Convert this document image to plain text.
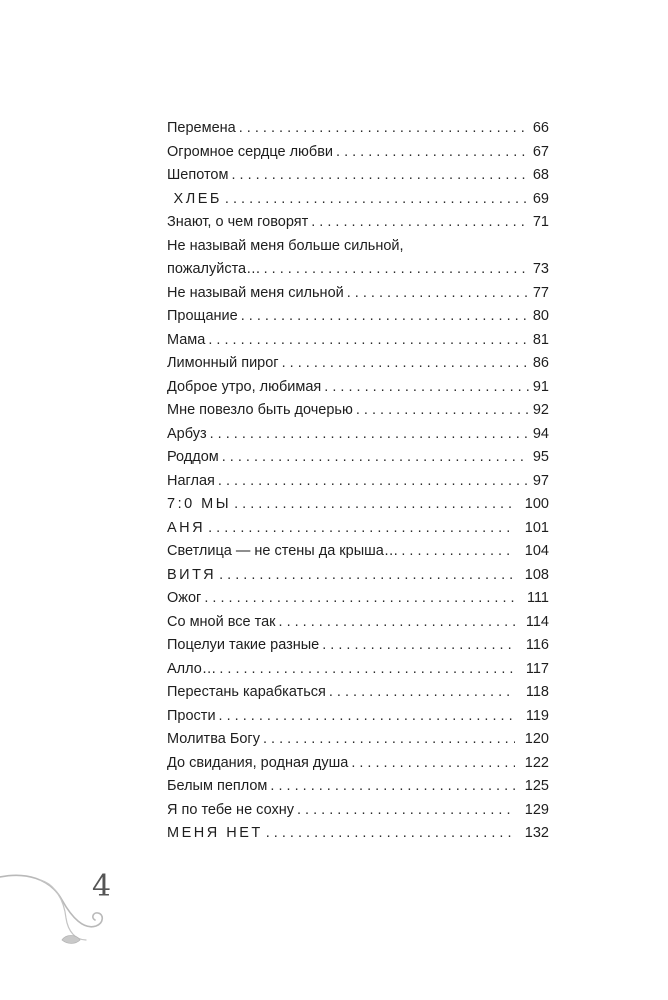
Перемена . . .	66
Огромное сердце любви . . .	67
Шепотом . . .	68
ХЛЕБ . . .	69
Знают, о чем говорят . . .	71
Не называй меня больше сильной,
пожалуйста… . . .	73
Не называй меня сильной . . .	77
Прощание . . .	80
Мама . . .	81
Лимонный пирог . . .	86
Доброе утро, любимая . . .	91
Мне повезло быть дочерью . . .	92
Арбуз . . .	94
Роддом . . .	95
Наглая . . .	97
7:0 МЫ . . .	100
АНЯ . . .	101
Светлица — не стены да крыша… . . .	104
ВИТЯ . . .	108
Ожог . . .	111
Со мной все так . . .	114
Поцелуи такие разные . . .	116
Алло… . . .	117
Перестань карабкаться . . .	118
Прости . . .	119
Молитва Богу . . .	120
До свидания, родная душа . . .	122
Белым пеплом . . .	125
Я по тебе не сохну . . .	129
МЕНЯ НЕТ . . .	132
4
